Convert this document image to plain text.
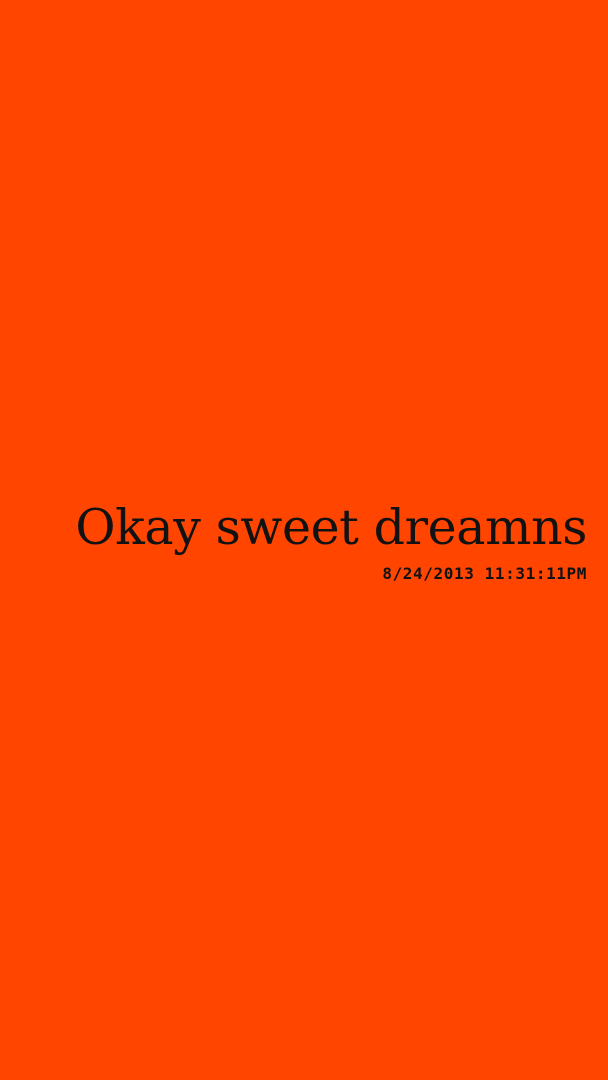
Okay sweet dreamns
8/24/2013 11:31:11PM
